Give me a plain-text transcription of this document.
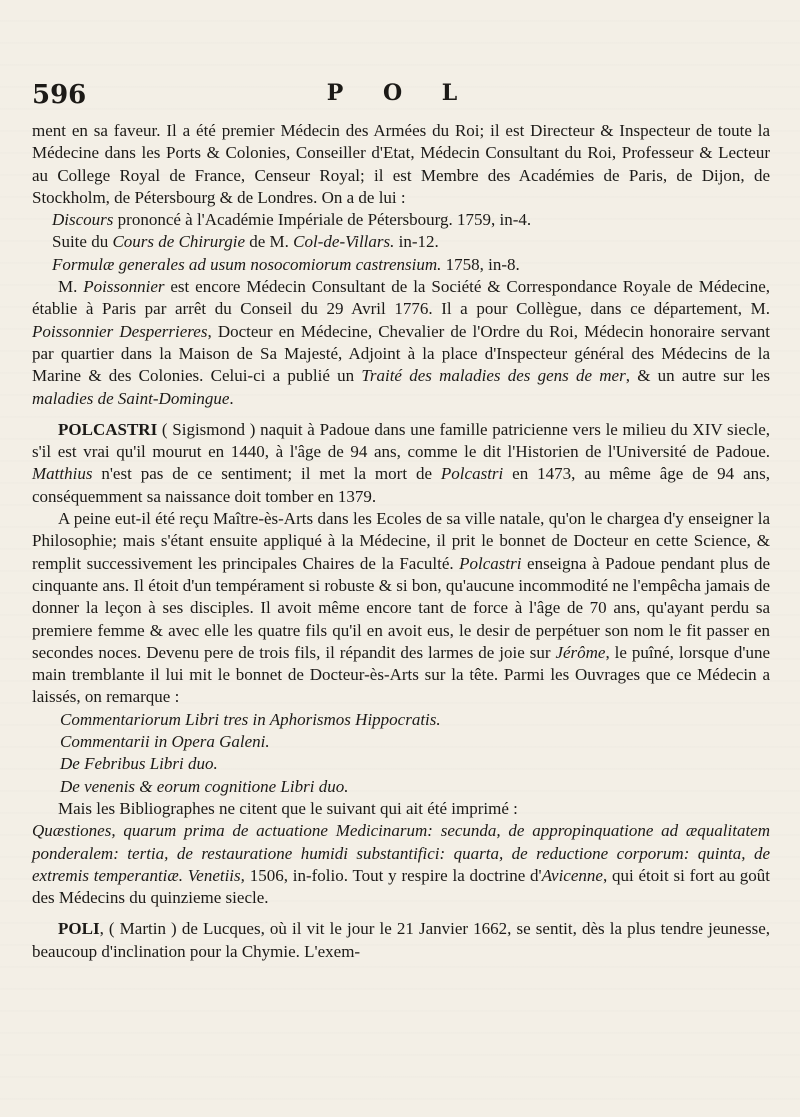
596	P O L

ment en sa faveur. Il a été premier Médecin des Armées du Roi; il est Directeur & Inspecteur de toute la Médecine dans les Ports & Colonies, Conseiller d'Etat, Médecin Consultant du Roi, Professeur & Lecteur au College Royal de France, Censeur Royal; il est Membre des Académies de Paris, de Dijon, de Stockholm, de Pétersbourg & de Londres. On a de lui :

Discours prononcé à l'Académie Impériale de Pétersbourg. 1759, in-4.

Suite du Cours de Chirurgie de M. Col-de-Villars. in-12.

Formulæ generales ad usum nosocomiorum castrensium. 1758, in-8.

M. Poissonnier est encore Médecin Consultant de la Société & Correspondance Royale de Médecine, établie à Paris par arrêt du Conseil du 29 Avril 1776. Il a pour Collègue, dans ce département, M. Poissonnier Desperrieres, Docteur en Médecine, Chevalier de l'Ordre du Roi, Médecin honoraire servant par quartier dans la Maison de Sa Majesté, Adjoint à la place d'Inspecteur général des Médecins de la Marine & des Colonies. Celui-ci a publié un Traité des maladies des gens de mer, & un autre sur les maladies de Saint-Domingue.

POLCASTRI ( Sigismond ) naquit à Padoue dans une famille patricienne vers le milieu du XIV siecle, s'il est vrai qu'il mourut en 1440, à l'âge de 94 ans, comme le dit l'Historien de l'Université de Padoue. Matthius n'est pas de ce sentiment; il met la mort de Polcastri en 1473, au même âge de 94 ans, conséquemment sa naissance doit tomber en 1379.

A peine eut-il été reçu Maître-ès-Arts dans les Ecoles de sa ville natale, qu'on le chargea d'y enseigner la Philosophie; mais s'étant ensuite appliqué à la Médecine, il prit le bonnet de Docteur en cette Science, & remplit successivement les principales Chaires de la Faculté. Polcastri enseigna à Padoue pendant plus de cinquante ans. Il étoit d'un tempérament si robuste & si bon, qu'aucune incommodité ne l'empêcha jamais de donner la leçon à ses disciples. Il avoit même encore tant de force à l'âge de 70 ans, qu'ayant perdu sa premiere femme & avec elle les quatre fils qu'il en avoit eus, le desir de perpétuer son nom le fit passer en secondes noces. Devenu pere de trois fils, il répandit des larmes de joie sur Jérôme, le puîné, lorsque d'une main tremblante il lui mit le bonnet de Docteur-ès-Arts sur la tête. Parmi les Ouvrages que ce Médecin a laissés, on remarque :

Commentariorum Libri tres in Aphorismos Hippocratis.

Commentarii in Opera Galeni.

De Febribus Libri duo.

De venenis & eorum cognitione Libri duo.

Mais les Bibliographes ne citent que le suivant qui ait été imprimé :

Quæstiones, quarum prima de actuatione Medicinarum: secunda, de appropinquatione ad æqualitatem ponderalem: tertia, de restauratione humidi substantifici: quarta, de reductione corporum: quinta, de extremis temperantiæ. Venetiis, 1506, in-folio. Tout y respire la doctrine d'Avicenne, qui étoit si fort au goût des Médecins du quinzieme siecle.

POLI, ( Martin ) de Lucques, où il vit le jour le 21 Janvier 1662, se sentit, dès la plus tendre jeunesse, beaucoup d'inclination pour la Chymie. L'exem-
